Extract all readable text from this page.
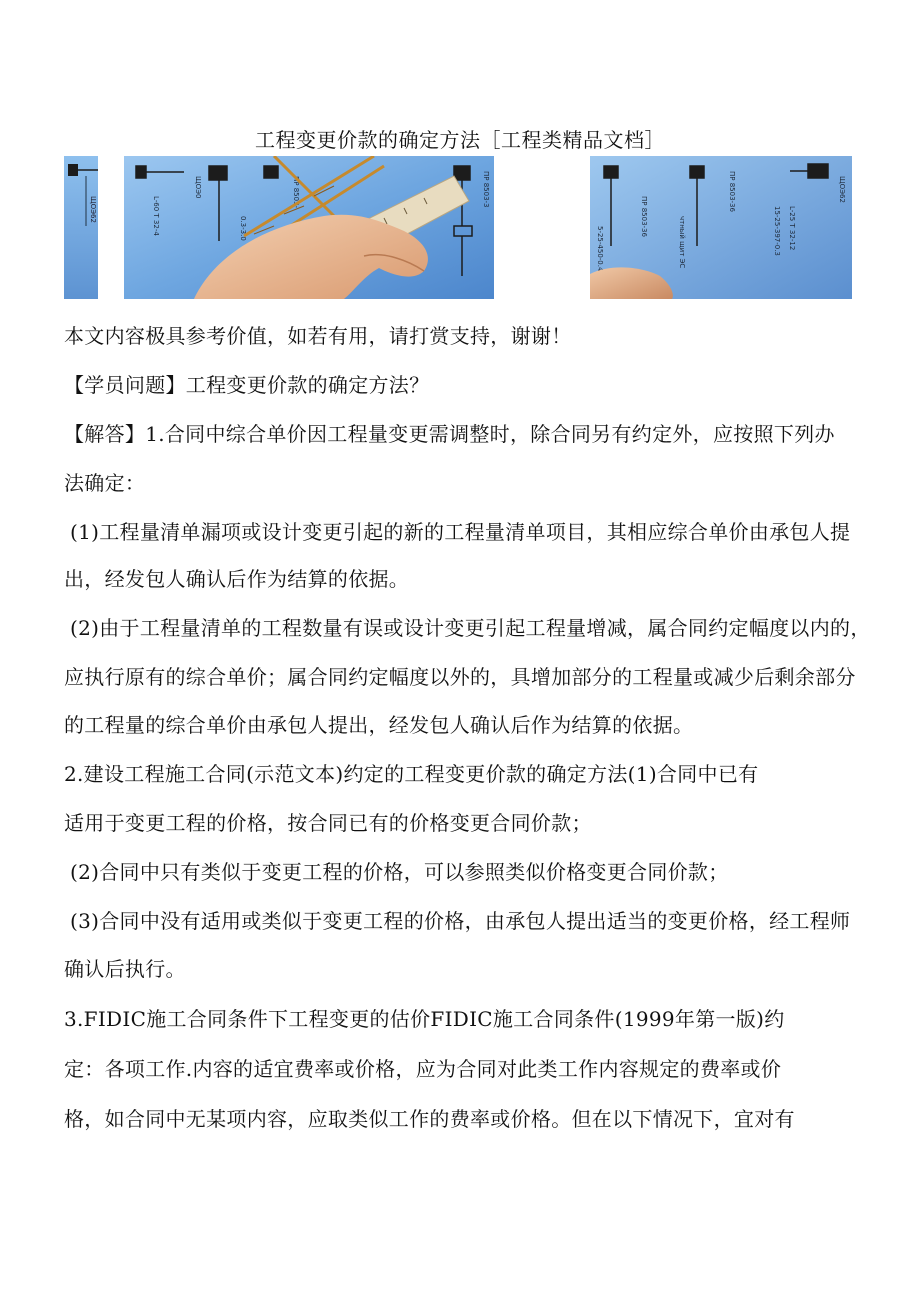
工程变更价款的确定方法［工程类精品文档］
ЩОЭ62	L-60 T 32-4
ЩОЭ0
0.3-3.0
ПР 8503-	ПР 8503-3
5-25-450-0.4
ПР 8503-36	чтный щит ЭС
ПР 8503-36
15-25-397-0.3 L-25 T 32-12
ЩОЭ62
本文内容极具参考价值，如若有用，请打赏支持，谢谢！
【学员问题】工程变更价款的确定方法？
【解答】1.合同中综合单价因工程量变更需调整时，除合同另有约定外，应按照下列办
法确定：
(1)工程量清单漏项或设计变更引起的新的工程量清单项目，其相应综合单价由承包人提
出，经发包人确认后作为结算的依据。
(2)由于工程量清单的工程数量有误或设计变更引起工程量增减，属合同约定幅度以内的，
应执行原有的综合单价；属合同约定幅度以外的，具增加部分的工程量或减少后剩余部分
的工程量的综合单价由承包人提出，经发包人确认后作为结算的依据。
2.建设工程施工合同(示范文本)约定的工程变更价款的确定方法(1)合同中已有
适用于变更工程的价格，按合同已有的价格变更合同价款；
(2)合同中只有类似于变更工程的价格，可以参照类似价格变更合同价款；
(3)合同中没有适用或类似于变更工程的价格，由承包人提出适当的变更价格，经工程师
确认后执行。
3.FIDIC施工合同条件下工程变更的估价FIDIC施工合同条件(1999年第一版)约
定：各项工作.内容的适宜费率或价格，应为合同对此类工作内容规定的费率或价
格，如合同中无某项内容，应取类似工作的费率或价格。但在以下情况下，宜对有
